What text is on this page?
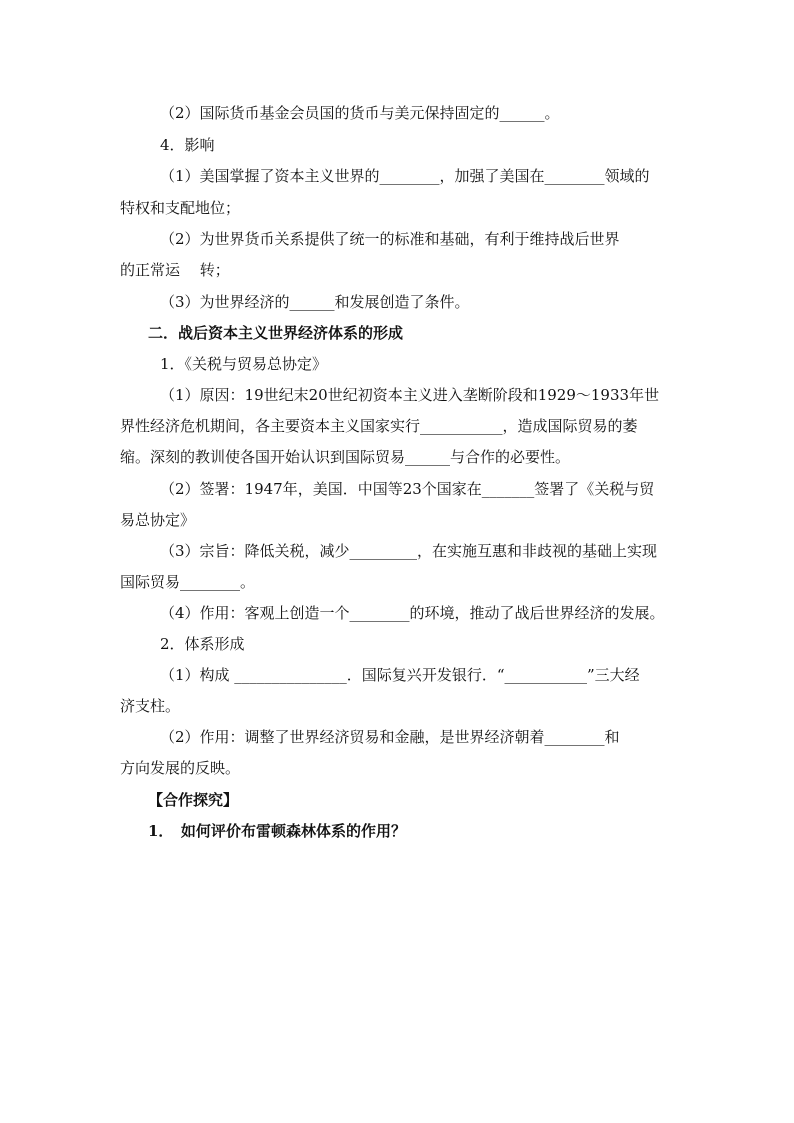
（2）国际货币基金会员国的货币与美元保持固定的______。
4．影响
（1）美国掌握了资本主义世界的________，加强了美国在________领域的
特权和支配地位；
（2）为世界货币关系提供了统一的标准和基础，有利于维持战后世界
的正常运　 转；
（3）为世界经济的______和发展创造了条件。
二．战后资本主义世界经济体系的形成
1．《关税与贸易总协定》
（1）原因：19世纪末20世纪初资本主义进入垄断阶段和1929～1933年世
界性经济危机期间，各主要资本主义国家实行___________，造成国际贸易的萎
缩。深刻的教训使各国开始认识到国际贸易______与合作的必要性。
（2）签署：1947年，美国．中国等23个国家在_______签署了《关税与贸
易总协定》
（3）宗旨：降低关税，减少_________，在实施互惠和非歧视的基础上实现
国际贸易________。
（4）作用：客观上创造一个________的环境，推动了战后世界经济的发展。
2．体系形成
（1）构成 _______________．国际复兴开发银行．“___________”三大经
济支柱。
（2）作用：调整了世界经济贸易和金融，是世界经济朝着________和
方向发展的反映。
【合作探究】
1．　如何评价布雷顿森林体系的作用？
